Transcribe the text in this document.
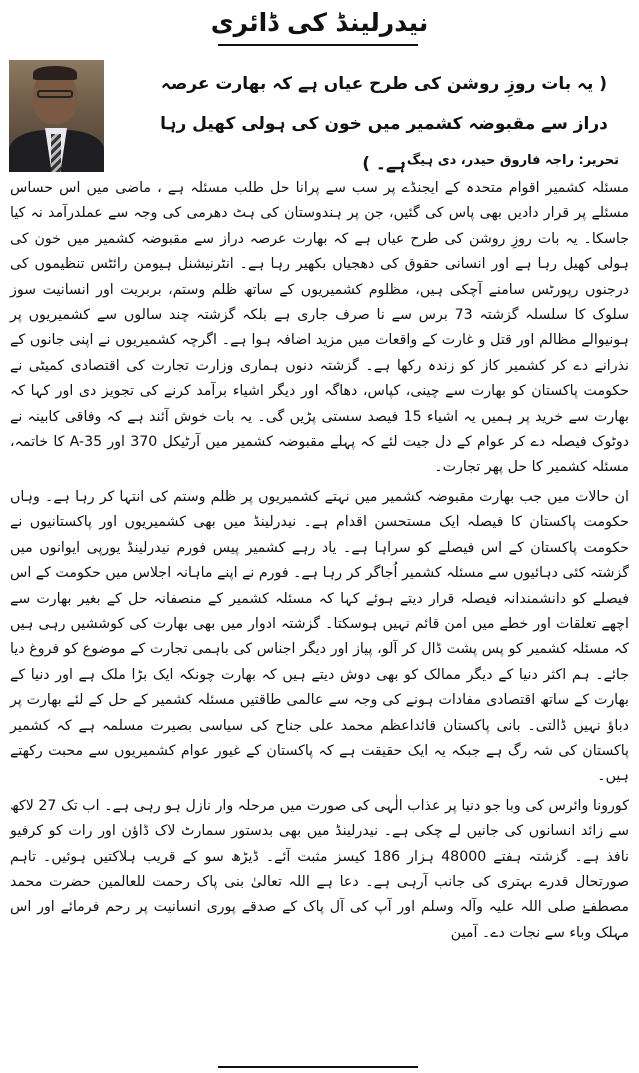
نیدرلینڈ کی ڈائری
( یہ بات روزِ روشن کی طرح عیاں ہے کہ بھارت عرصہ
دراز سے مقبوضہ کشمیر میں خون کی ہولی کھیل رہا ہے۔ )
تحریر: راجہ فاروق حیدر، دی ہیگ۔

مسئلہ کشمیر اقوام متحدہ کے ایجنڈے پر سب سے پرانا حل طلب مسئلہ ہے ، ماضی میں اس حساس مسئلے پر قرار دادیں بھی پاس کی گئیں، جن پر ہندوستان کی ہٹ دھرمی کی وجہ سے عملدرآمد نہ کیا جاسکا۔ یہ بات روزِ روشن کی طرح عیاں ہے کہ بھارت عرصہ دراز سے مقبوضہ کشمیر میں خون کی ہولی کھیل رہا ہے اور انسانی حقوق کی دھجیاں بکھیر رہا ہے۔ انٹرنیشنل ہیومن رائٹس تنظیموں کی درجنوں رپورٹس سامنے آچکی ہیں، مظلوم کشمیریوں کے ساتھ ظلم وستم، بربریت اور انسانیت سوز سلوک کا سلسلہ گزشتہ 73 برس سے نا صرف جاری ہے بلکہ گزشتہ چند سالوں سے کشمیریوں پر ہونیوالے مظالم اور قتل و غارت کے واقعات میں مزید اضافہ ہوا ہے۔ اگرچہ کشمیریوں نے اپنی جانوں کے نذرانے دے کر کشمیر کاز کو زندہ رکھا ہے۔ گزشتہ دنوں ہماری وزارت تجارت کی اقتصادی کمیٹی نے حکومت پاکستان کو بھارت سے چینی، کپاس، دھاگہ اور دیگر اشیاء برآمد کرنے کی تجویز دی اور کہا کہ بھارت سے خرید پر ہمیں یہ اشیاء 15 فیصد سستی پڑیں گی۔ یہ بات خوش آئند ہے کہ وفاقی کابینہ نے دوٹوک فیصلہ دے کر عوام کے دل جیت لئے کہ پہلے مقبوضہ کشمیر میں آرٹیکل 370 اور A-35 کا خاتمہ، مسئلہ کشمیر کا حل پھر تجارت۔

ان حالات میں جب بھارت مقبوضہ کشمیر میں نہتے کشمیریوں پر ظلم وستم کی انتہا کر رہا ہے۔ وہاں حکومت پاکستان کا فیصلہ ایک مستحسن اقدام ہے۔ نیدرلینڈ میں بھی کشمیریوں اور پاکستانیوں نے حکومت پاکستان کے اس فیصلے کو سراہا ہے۔ یاد رہے کشمیر پیس فورم نیدرلینڈ یورپی ایوانوں میں گزشتہ کئی دہائیوں سے مسئلہ کشمیر اُجاگر کر رہا ہے۔ فورم نے اپنے ماہانہ اجلاس میں حکومت کے اس فیصلے کو دانشمندانہ فیصلہ قرار دیتے ہوئے کہا کہ مسئلہ کشمیر کے منصفانہ حل کے بغیر بھارت سے اچھے تعلقات اور خطے میں امن قائم نہیں ہوسکتا۔ گزشتہ ادوار میں بھی بھارت کی کوششیں رہی ہیں کہ مسئلہ کشمیر کو پس پشت ڈال کر آلو، پیاز اور دیگر اجناس کی باہمی تجارت کے موضوع کو فروغ دیا جائے۔ ہم اکثر دنیا کے دیگر ممالک کو بھی دوش دیتے ہیں کہ بھارت چونکہ ایک بڑا ملک ہے اور دنیا کے بھارت کے ساتھ اقتصادی مفادات ہونے کی وجہ سے عالمی طاقتیں مسئلہ کشمیر کے حل کے لئے بھارت پر دباؤ نہیں ڈالتی۔ بانی پاکستان قائداعظم محمد علی جناح کی سیاسی بصیرت مسلمہ ہے کہ کشمیر پاکستان کی شہ رگ ہے جبکہ یہ ایک حقیقت ہے کہ پاکستان کے غیور عوام کشمیریوں سے محبت رکھتے ہیں۔

کورونا وائرس کی وبا جو دنیا پر عذاب الٰہی کی صورت میں مرحلہ وار نازل ہو رہی ہے۔ اب تک 27 لاکھ سے زائد انسانوں کی جانیں لے چکی ہے۔ نیدرلینڈ میں بھی بدستور سمارٹ لاک ڈاؤن اور رات کو کرفیو نافذ ہے۔ گزشتہ ہفتے 48000 ہزار 186 کیسز مثبت آئے۔ ڈیڑھ سو کے قریب ہلاکتیں ہوئیں۔ تاہم صورتحال قدرے بہتری کی جانب آرہی ہے۔ دعا ہے اللہ تعالیٰ بنی پاک رحمت للعالمین حضرت محمد مصطفےٰ صلی اللہ علیہ وآلہ وسلم اور آپ کی آل پاک کے صدقے پوری انسانیت پر رحم فرمائے اور اس مہلک وباء سے نجات دے۔ آمین
